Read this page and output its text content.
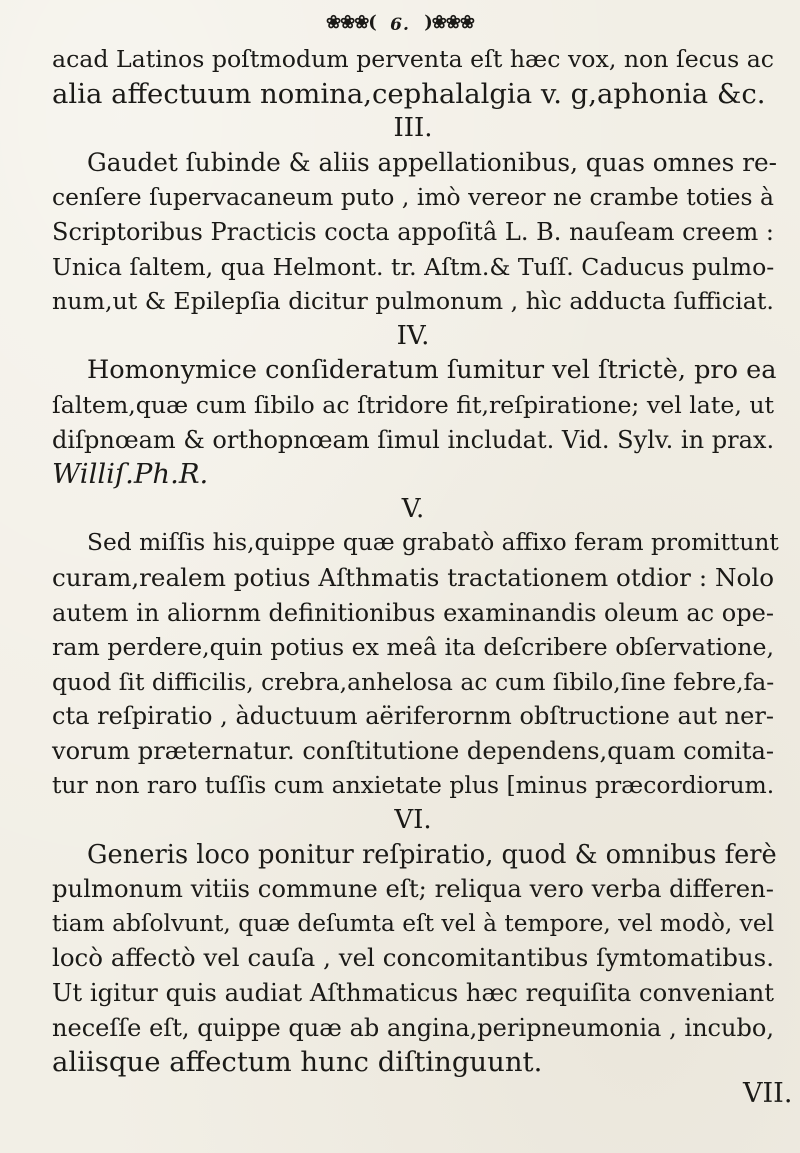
❀❀❀( 6. )❀❀❀
acad Latinos poſtmodum perventa eſt hæc vox, non ſecus ac
alia affectuum nomina,cephalalgia v. g,aphonia &c.
III.
Gaudet ſubinde & aliis appellationibus, quas omnes re-
cenſere ſupervacaneum puto , imò vereor ne crambe toties à
Scriptoribus Practicis cocta appoſitâ L. B. nauſeam creem :
Unica ſaltem, qua Helmont. tr. Aſtm.& Tuſſ. Caducus pulmo-
num,ut & Epilepſia dicitur pulmonum , hìc adducta ſufficiat.
IV.
Homonymice conſideratum ſumitur vel ſtrictè, pro ea
ſaltem,quæ cum ſibilo ac ſtridore fit,reſpiratione; vel late, ut
diſpnœam & orthopnœam ſimul includat. Vid. Sylv. in prax.
Williſ.Ph.R.
V.
Sed miſſis his,quippe quæ grabatò affixo feram promittunt
curam,realem potius Aſthmatis tractationem otdior : Nolo
autem in aliornm definitionibus examinandis oleum ac ope-
ram perdere,quin potius ex meâ ita deſcribere obſervatione,
quod ſit difficilis, crebra,anhelosa ac cum ſibilo,ſine febre,fa-
cta reſpiratio , àductuum aëriferornm obſtructione aut ner-
vorum præternatur. conſtitutione dependens,quam comita-
tur non raro tuſſis cum anxietate plus [minus præcordiorum.
VI.
Generis loco ponitur reſpiratio, quod & omnibus ferè
pulmonum vitiis commune eſt; reliqua vero verba differen-
tiam abſolvunt, quæ deſumta eſt vel à tempore, vel modò, vel
locò affectò vel cauſa , vel concomitantibus ſymtomatibus.
Ut igitur quis audiat Aſthmaticus hæc requiſita conveniant
neceſſe eſt, quippe quæ ab angina,peripneumonia , incubo,
aliisque affectum hunc diſtinguunt.
VII.
